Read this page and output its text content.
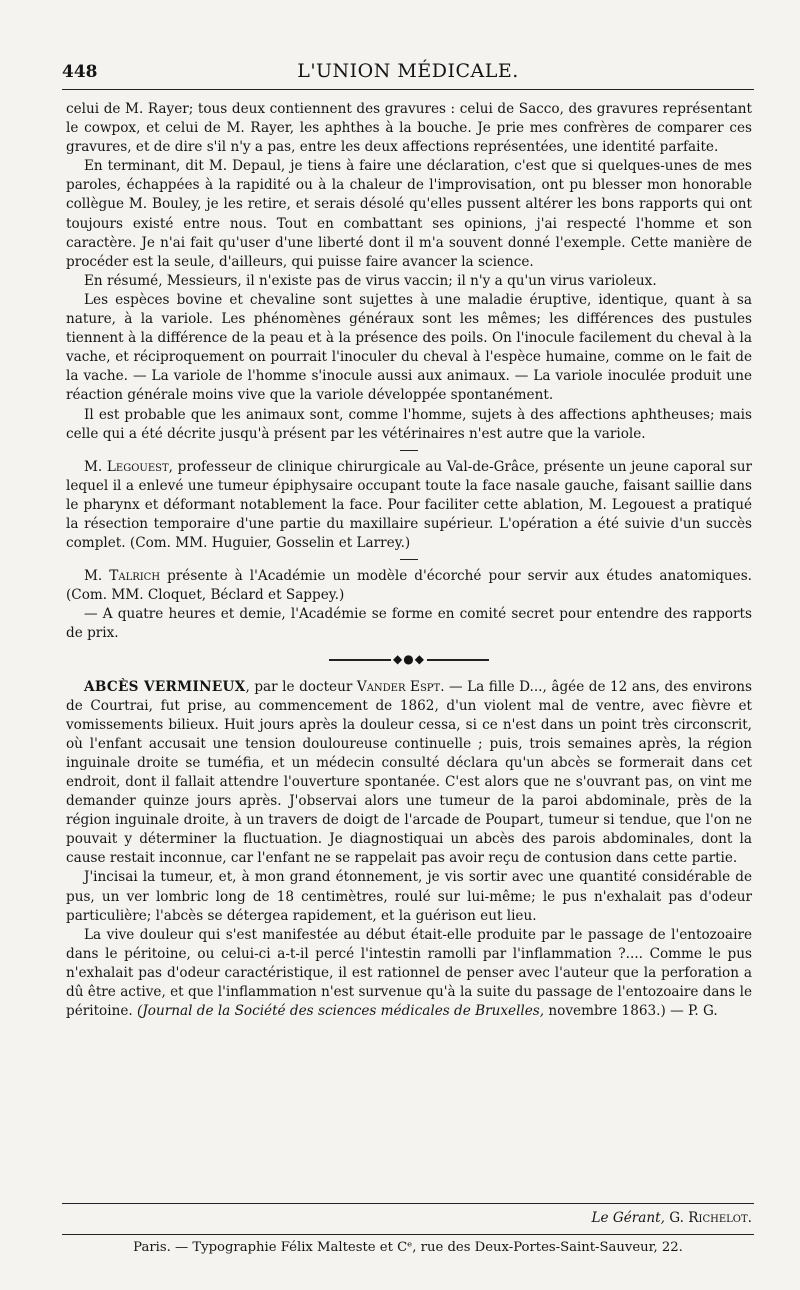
448	L'UNION MÉDICALE.

celui de M. Rayer; tous deux contiennent des gravures : celui de Sacco, des gravures représentant le cowpox, et celui de M. Rayer, les aphthes à la bouche. Je prie mes confrères de comparer ces gravures, et de dire s'il n'y a pas, entre les deux affections représentées, une identité parfaite.

En terminant, dit M. Depaul, je tiens à faire une déclaration, c'est que si quelques-unes de mes paroles, échappées à la rapidité ou à la chaleur de l'improvisation, ont pu blesser mon honorable collègue M. Bouley, je les retire, et serais désolé qu'elles pussent altérer les bons rapports qui ont toujours existé entre nous. Tout en combattant ses opinions, j'ai respecté l'homme et son caractère. Je n'ai fait qu'user d'une liberté dont il m'a souvent donné l'exemple. Cette manière de procéder est la seule, d'ailleurs, qui puisse faire avancer la science.

En résumé, Messieurs, il n'existe pas de virus vaccin; il n'y a qu'un virus varioleux.

Les espèces bovine et chevaline sont sujettes à une maladie éruptive, identique, quant à sa nature, à la variole. Les phénomènes généraux sont les mêmes; les différences des pustules tiennent à la différence de la peau et à la présence des poils. On l'inocule facilement du cheval à la vache, et réciproquement on pourrait l'inoculer du cheval à l'espèce humaine, comme on le fait de la vache. — La variole de l'homme s'inocule aussi aux animaux. — La variole inoculée produit une réaction générale moins vive que la variole développée spontanément.

Il est probable que les animaux sont, comme l'homme, sujets à des affections aphtheuses; mais celle qui a été décrite jusqu'à présent par les vétérinaires n'est autre que la variole.

M. Legouest, professeur de clinique chirurgicale au Val-de-Grâce, présente un jeune caporal sur lequel il a enlevé une tumeur épiphysaire occupant toute la face nasale gauche, faisant saillie dans le pharynx et déformant notablement la face. Pour faciliter cette ablation, M. Legouest a pratiqué la résection temporaire d'une partie du maxillaire supérieur. L'opération a été suivie d'un succès complet. (Com. MM. Huguier, Gosselin et Larrey.)

M. Talrich présente à l'Académie un modèle d'écorché pour servir aux études anatomiques. (Com. MM. Cloquet, Béclard et Sappey.)

— A quatre heures et demie, l'Académie se forme en comité secret pour entendre des rapports de prix.

◆●◆

ABCÈS VERMINEUX, par le docteur Vander Espt. — La fille D..., âgée de 12 ans, des environs de Courtrai, fut prise, au commencement de 1862, d'un violent mal de ventre, avec fièvre et vomissements bilieux. Huit jours après la douleur cessa, si ce n'est dans un point très circonscrit, où l'enfant accusait une tension douloureuse continuelle ; puis, trois semaines après, la région inguinale droite se tuméfia, et un médecin consulté déclara qu'un abcès se formerait dans cet endroit, dont il fallait attendre l'ouverture spontanée. C'est alors que ne s'ouvrant pas, on vint me demander quinze jours après. J'observai alors une tumeur de la paroi abdominale, près de la région inguinale droite, à un travers de doigt de l'arcade de Poupart, tumeur si tendue, que l'on ne pouvait y déterminer la fluctuation. Je diagnostiquai un abcès des parois abdominales, dont la cause restait inconnue, car l'enfant ne se rappelait pas avoir reçu de contusion dans cette partie.

J'incisai la tumeur, et, à mon grand étonnement, je vis sortir avec une quantité considérable de pus, un ver lombric long de 18 centimètres, roulé sur lui-même; le pus n'exhalait pas d'odeur particulière; l'abcès se détergea rapidement, et la guérison eut lieu.

La vive douleur qui s'est manifestée au début était-elle produite par le passage de l'entozoaire dans le péritoine, ou celui-ci a-t-il percé l'intestin ramolli par l'inflammation ?.... Comme le pus n'exhalait pas d'odeur caractéristique, il est rationnel de penser avec l'auteur que la perforation a dû être active, et que l'inflammation n'est survenue qu'à la suite du passage de l'entozoaire dans le péritoine. (Journal de la Société des sciences médicales de Bruxelles, novembre 1863.) — P. G.

Le Gérant, G. Richelot.
Paris. — Typographie Félix Malteste et Cᵉ, rue des Deux-Portes-Saint-Sauveur, 22.
